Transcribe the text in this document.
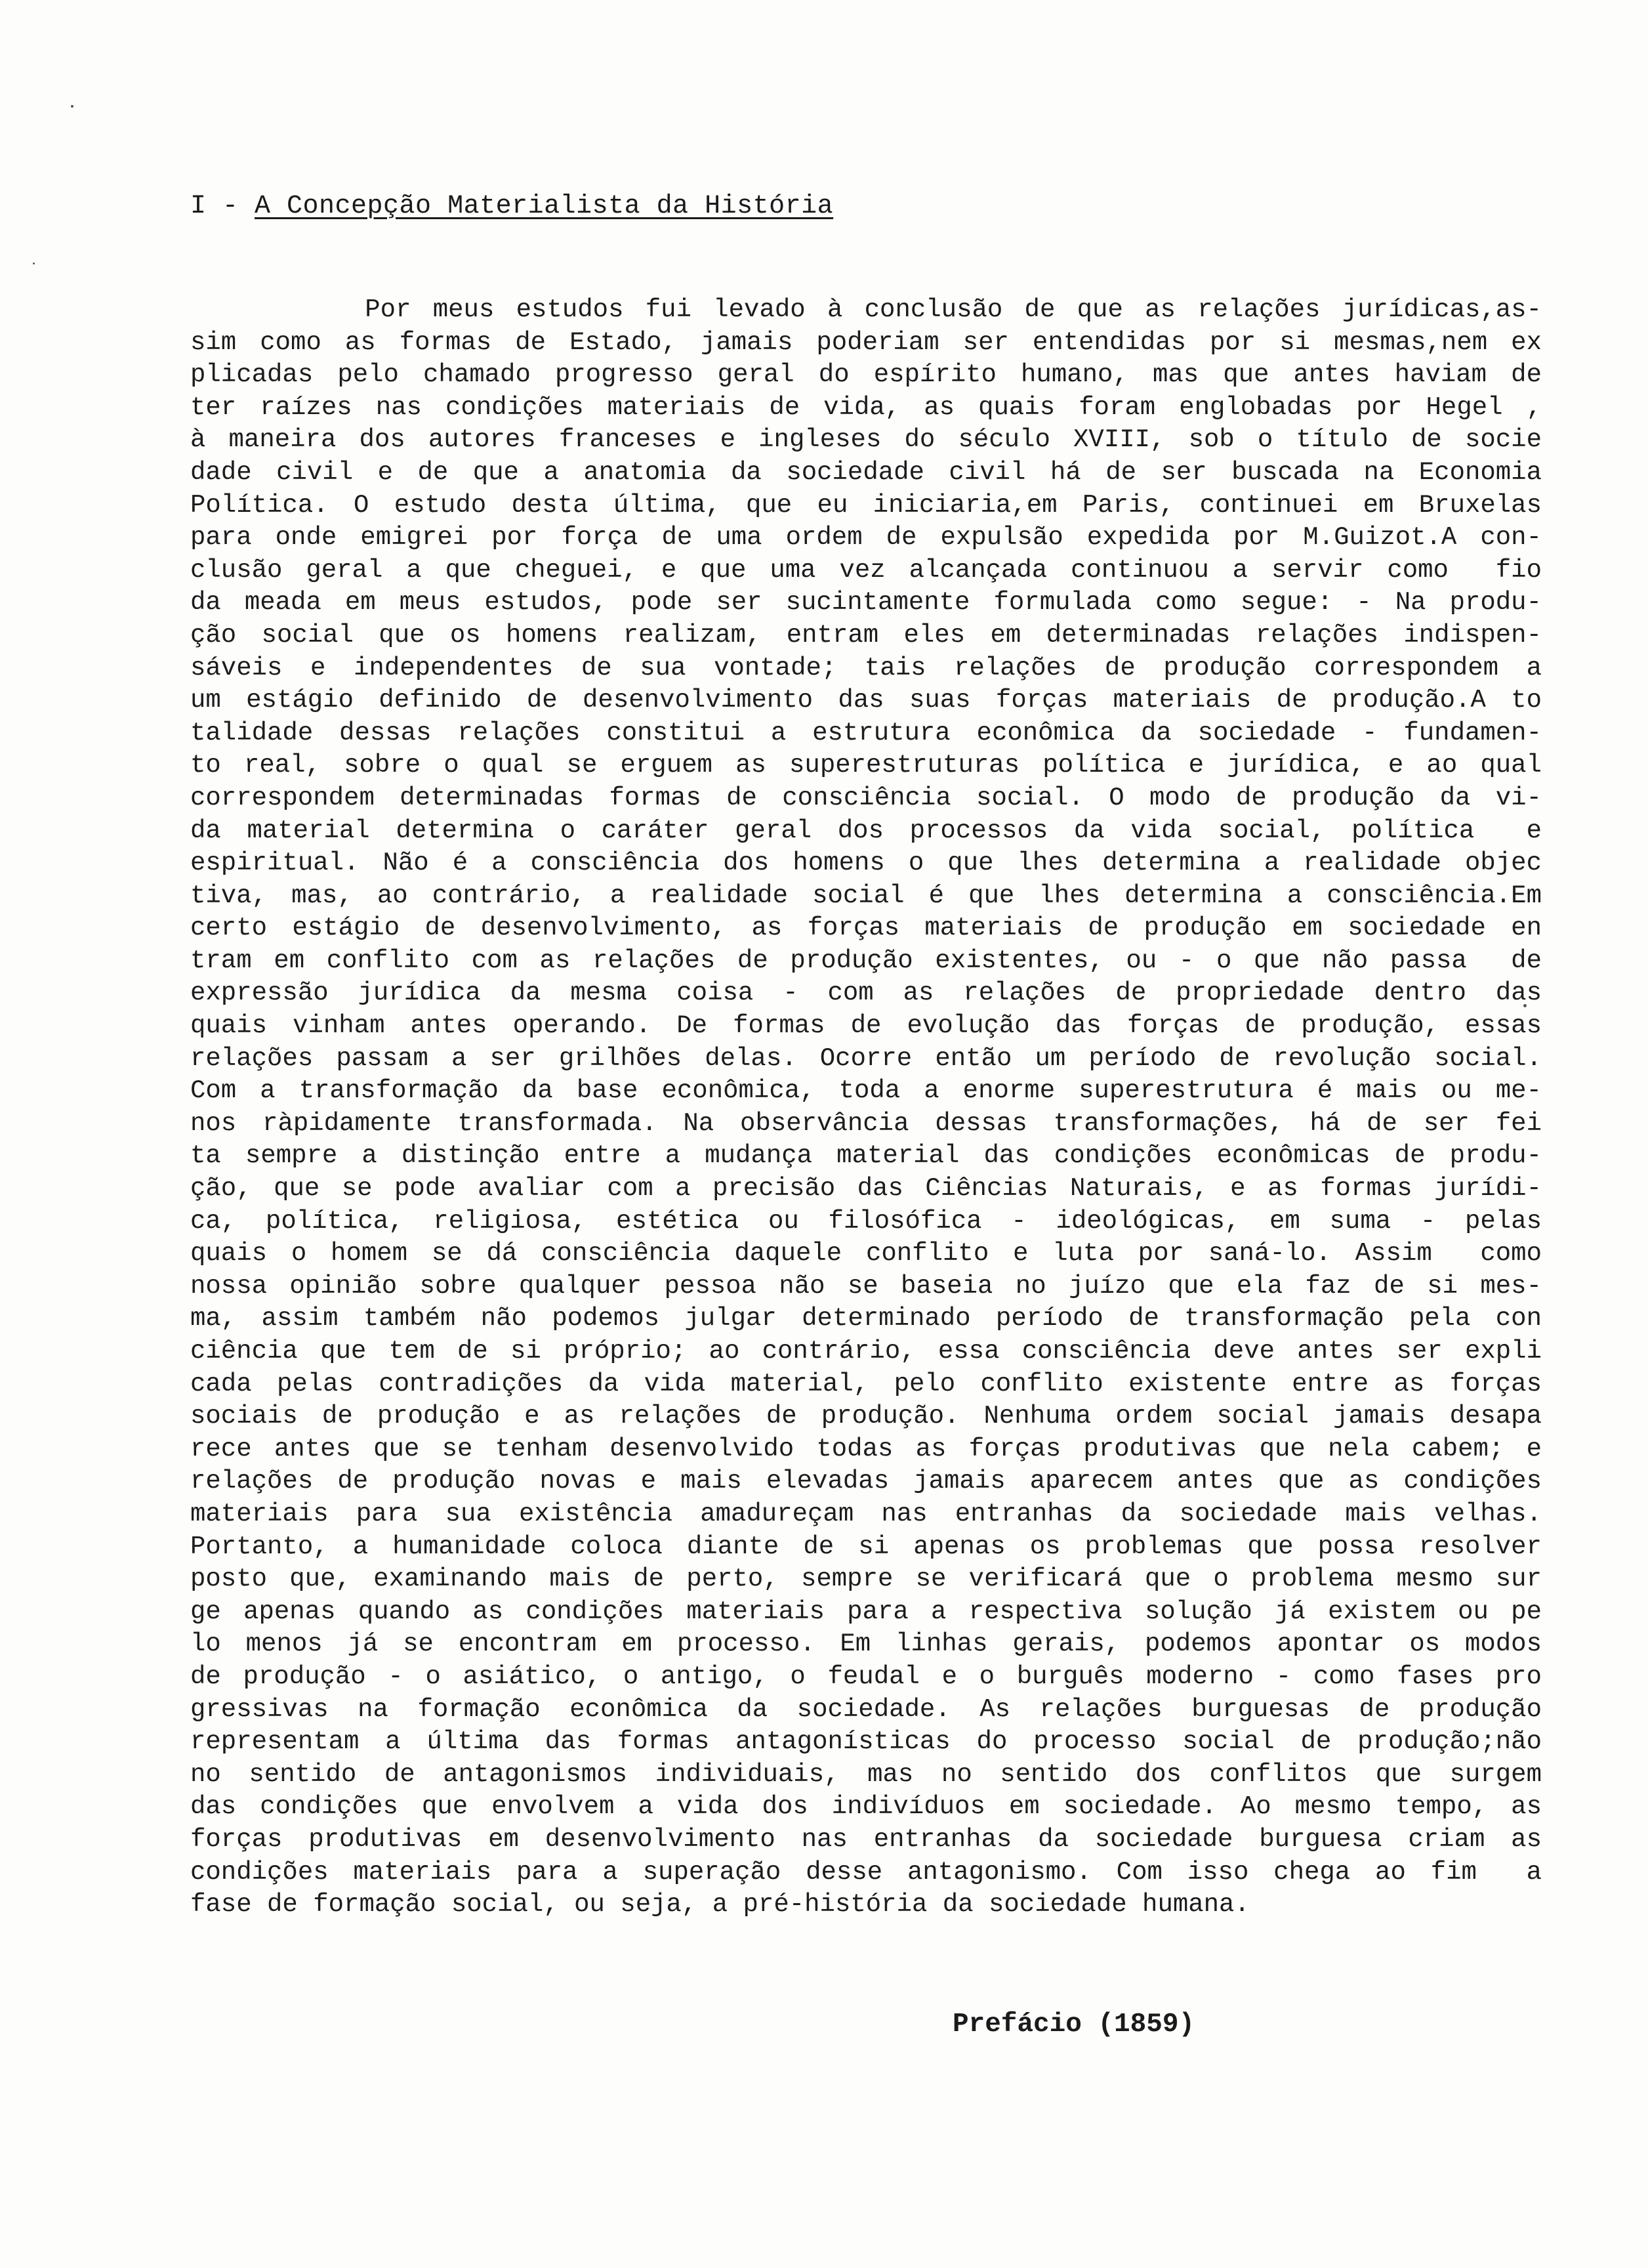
I - A Concepção Materialista da História
Por meus estudos fui levado à conclusão de que as relações jurídicas,as-
sim como as formas de Estado, jamais poderiam ser entendidas por si mesmas,nem ex
plicadas pelo chamado progresso geral do espírito humano, mas que antes haviam de
ter raízes nas condições materiais de vida, as quais foram englobadas por Hegel ,
à maneira dos autores franceses e ingleses do século XVIII, sob o título de socie
dade civil e de que a anatomia da sociedade civil há de ser buscada na Economia
Política. O estudo desta última, que eu iniciaria,em Paris, continuei em Bruxelas
para onde emigrei por força de uma ordem de expulsão expedida por M.Guizot.A con-
clusão geral a que cheguei, e que uma vez alcançada continuou a servir como  fio
da meada em meus estudos, pode ser sucintamente formulada como segue: - Na produ-
ção social que os homens realizam, entram eles em determinadas relações indispen-
sáveis e independentes de sua vontade; tais relações de produção correspondem a
um estágio definido de desenvolvimento das suas forças materiais de produção.A to
talidade dessas relações constitui a estrutura econômica da sociedade - fundamen-
to real, sobre o qual se erguem as superestruturas política e jurídica, e ao qual
correspondem determinadas formas de consciência social. O modo de produção da vi-
da material determina o caráter geral dos processos da vida social, política  e
espiritual. Não é a consciência dos homens o que lhes determina a realidade objec
tiva, mas, ao contrário, a realidade social é que lhes determina a consciência.Em
certo estágio de desenvolvimento, as forças materiais de produção em sociedade en
tram em conflito com as relações de produção existentes, ou - o que não passa  de
expressão jurídica da mesma coisa - com as relações de propriedade dentro das
quais vinham antes operando. De formas de evolução das forças de produção, essas
relações passam a ser grilhões delas. Ocorre então um período de revolução social.
Com a transformação da base econômica, toda a enorme superestrutura é mais ou me-
nos ràpidamente transformada. Na observância dessas transformações, há de ser fei
ta sempre a distinção entre a mudança material das condições econômicas de produ-
ção, que se pode avaliar com a precisão das Ciências Naturais, e as formas jurídi-
ca, política, religiosa, estética ou filosófica - ideológicas, em suma - pelas
quais o homem se dá consciência daquele conflito e luta por saná-lo. Assim  como
nossa opinião sobre qualquer pessoa não se baseia no juízo que ela faz de si mes-
ma, assim também não podemos julgar determinado período de transformação pela con
ciência que tem de si próprio; ao contrário, essa consciência deve antes ser expli
cada pelas contradições da vida material, pelo conflito existente entre as forças
sociais de produção e as relações de produção. Nenhuma ordem social jamais desapa
rece antes que se tenham desenvolvido todas as forças produtivas que nela cabem; e
relações de produção novas e mais elevadas jamais aparecem antes que as condições
materiais para sua existência amadureçam nas entranhas da sociedade mais velhas.
Portanto, a humanidade coloca diante de si apenas os problemas que possa resolver
posto que, examinando mais de perto, sempre se verificará que o problema mesmo sur
ge apenas quando as condições materiais para a respectiva solução já existem ou pe
lo menos já se encontram em processo. Em linhas gerais, podemos apontar os modos
de produção - o asiático, o antigo, o feudal e o burguês moderno - como fases pro
gressivas na formação econômica da sociedade. As relações burguesas de produção
representam a última das formas antagonísticas do processo social de produção;não
no sentido de antagonismos individuais, mas no sentido dos conflitos que surgem
das condições que envolvem a vida dos indivíduos em sociedade. Ao mesmo tempo, as
forças produtivas em desenvolvimento nas entranhas da sociedade burguesa criam as
condições materiais para a superação desse antagonismo. Com isso chega ao fim  a
fase de formação social, ou seja, a pré-história da sociedade humana.
Prefácio (1859)
